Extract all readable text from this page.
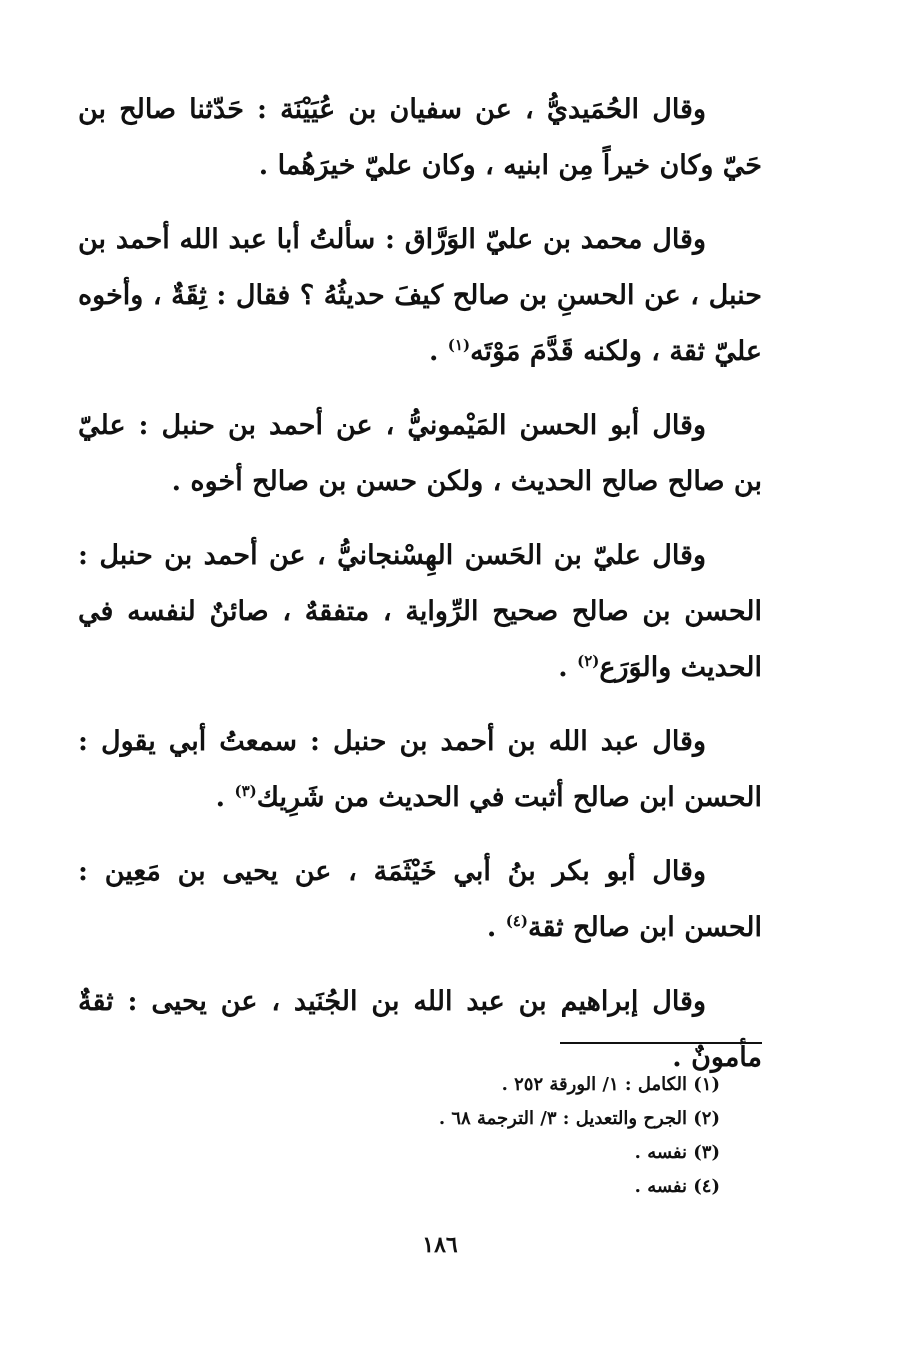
وقال الحُمَيديُّ ، عن سفيان بن عُيَيْنَة : حَدّثنا صالح بن حَيّ وكان خيراً مِن ابنيه ، وكان عليّ خيرَهُما .

وقال محمد بن عليّ الوَرَّاق : سألتُ أبا عبد الله أحمد بن حنبل ، عن الحسنِ بن صالح كيفَ حديثُهُ ؟ فقال : ثِقَةٌ ، وأخوه عليّ ثقة ، ولكنه قَدَّمَ مَوْتَه$^{(١)}$ .

وقال أبو الحسن المَيْمونيُّ ، عن أحمد بن حنبل : عليّ بن صالح صالح الحديث ، ولكن حسن بن صالح أخوه .

وقال عليّ بن الحَسن الهِسْنجانيُّ ، عن أحمد بن حنبل : الحسن بن صالح صحيح الرِّواية ، متفقهٌ ، صائنٌ لنفسه في الحديث والوَرَع$^{(٢)}$ .

وقال عبد الله بن أحمد بن حنبل : سمعتُ أبي يقول : الحسن ابن صالح أثبت في الحديث من شَرِيك$^{(٣)}$ .

وقال أبو بكر بنُ أبي خَيْثَمَة ، عن يحيى بن مَعِين : الحسن ابن صالح ثقة$^{(٤)}$ .

وقال إبراهيم بن عبد الله بن الجُنَيد ، عن يحيى : ثقةٌ مأمونٌ .

(١) الكامل : ١/ الورقة ٢٥٢ .
(٢) الجرح والتعديل : ٣/ الترجمة ٦٨ .
(٣) نفسه .
(٤) نفسه .
١٨٦
